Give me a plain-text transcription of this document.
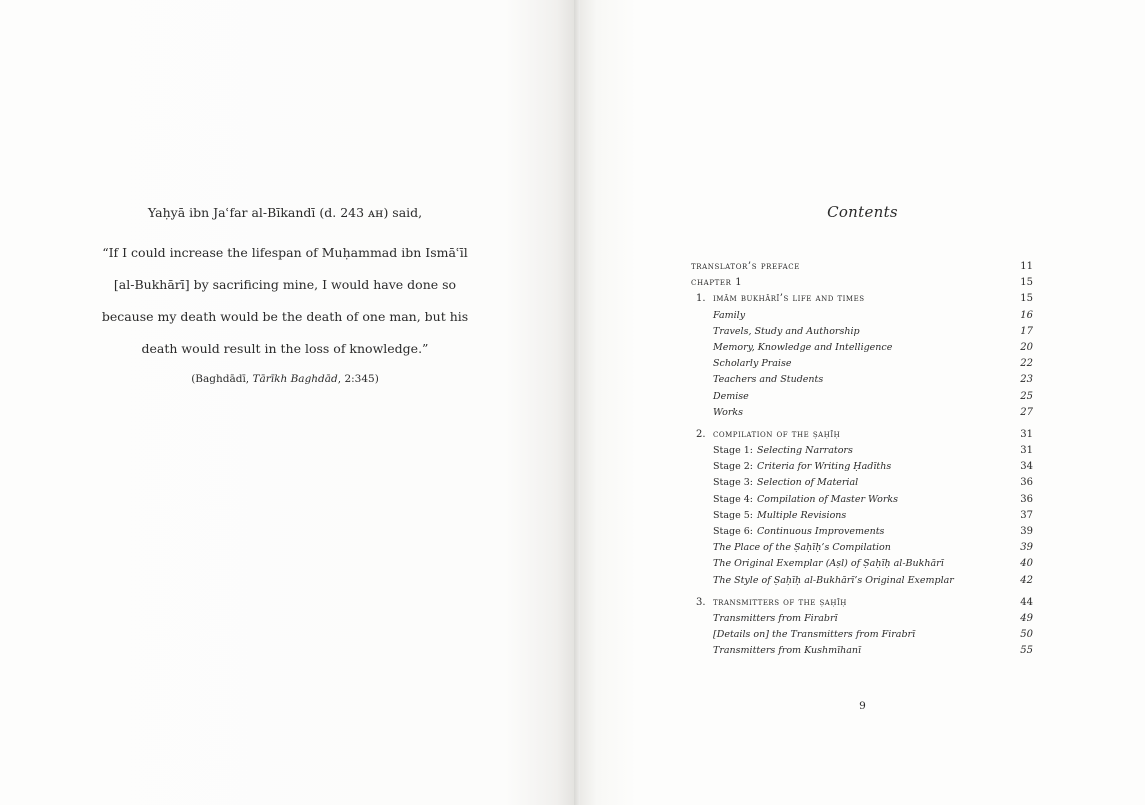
Yaḥyā ibn Jaʿfar al-Bīkandī (d. 243 ᴀʜ) said,
“If I could increase the lifespan of Muḥammad ibn Ismāʿīl
[al-Bukhārī] by sacrificing mine, I would have done so
because my death would be the death of one man, but his
death would result in the loss of knowledge.”
(Baghdādī, Tārīkh Baghdād, 2:345)
Contents
translator’s preface	11
chapter 1	15
1. imām bukhārī’s life and times	15
Family	16
Travels, Study and Authorship	17
Memory, Knowledge and Intelligence	20
Scholarly Praise	22
Teachers and Students	23
Demise	25
Works	27
2. compilation of the ṣaḥīḥ	31
Stage 1: Selecting Narrators	31
Stage 2: Criteria for Writing Ḥadīths	34
Stage 3: Selection of Material	36
Stage 4: Compilation of Master Works	36
Stage 5: Multiple Revisions	37
Stage 6: Continuous Improvements	39
The Place of the Ṣaḥīḥ’s Compilation	39
The Original Exemplar (Aṣl) of Ṣaḥīḥ al-Bukhārī	40
The Style of Ṣaḥīḥ al-Bukhārī’s Original Exemplar	42
3. transmitters of the ṣaḥīḥ	44
Transmitters from Firabrī	49
[Details on] the Transmitters from Firabrī	50
Transmitters from Kushmīhanī	55
9
